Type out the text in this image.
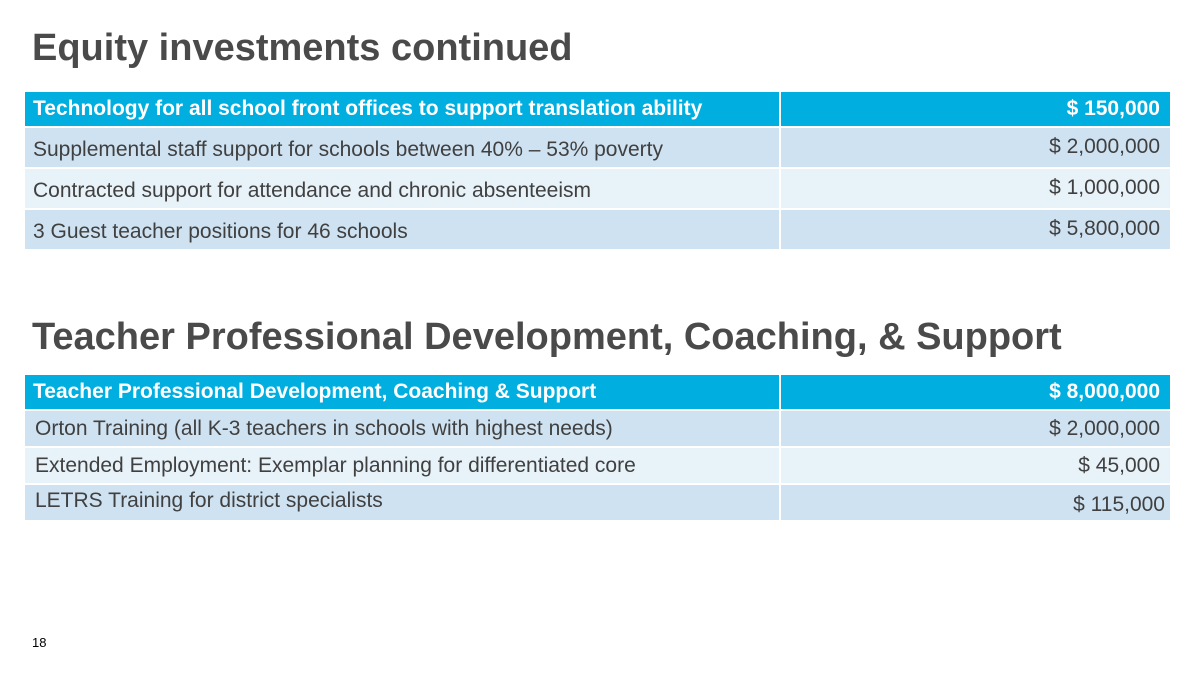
Equity investments continued
Technology for all school front offices to support translation ability	$ 150,000
Supplemental staff support for schools between 40% – 53% poverty	$ 2,000,000
Contracted support for attendance and chronic absenteeism	$ 1,000,000
3 Guest teacher positions for 46 schools	$ 5,800,000
Teacher Professional Development, Coaching, & Support
Teacher Professional Development, Coaching & Support	$ 8,000,000
Orton Training (all K-3 teachers in schools with highest needs)	$ 2,000,000
Extended Employment: Exemplar planning for differentiated core	$ 45,000
LETRS Training for district specialists	$ 115,000
18
